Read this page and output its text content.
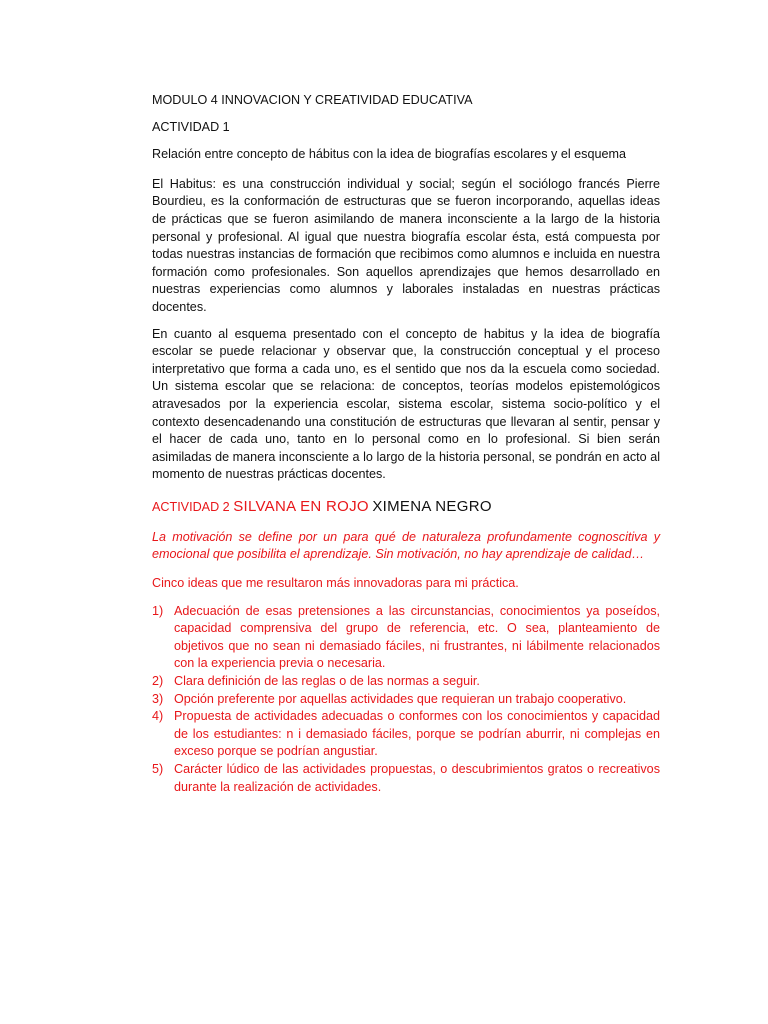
MODULO 4 INNOVACION Y CREATIVIDAD EDUCATIVA

ACTIVIDAD 1

Relación entre concepto de hábitus con la idea de biografías escolares y el esquema

El Habitus: es una construcción individual y social; según el sociólogo francés Pierre Bourdieu, es la conformación de estructuras que se fueron incorporando, aquellas ideas de prácticas que se fueron asimilando de manera inconsciente a la largo de la historia personal y profesional. Al igual que nuestra biografía escolar ésta, está compuesta por todas nuestras instancias de formación que recibimos como alumnos e incluida en nuestra formación como profesionales. Son aquellos aprendizajes que hemos desarrollado en nuestras experiencias como alumnos y laborales instaladas en nuestras prácticas docentes.

En cuanto al esquema presentado con el concepto de habitus y la idea de biografía escolar se puede relacionar y observar que, la construcción conceptual y el proceso interpretativo que forma a cada uno, es el sentido que nos da la escuela como sociedad. Un sistema escolar que se relaciona: de conceptos, teorías modelos epistemológicos atravesados por la experiencia escolar, sistema escolar, sistema socio-político y el contexto desencadenando una constitución de estructuras que llevaran al sentir, pensar y el hacer de cada uno, tanto en lo personal como en lo profesional. Si bien serán asimiladas de manera inconsciente a lo largo de la historia personal, se pondrán en acto al momento de nuestras prácticas docentes.

ACTIVIDAD 2 SILVANA EN ROJO XIMENA NEGRO

La motivación se define por un para qué de naturaleza profundamente cognoscitiva y emocional que posibilita el aprendizaje. Sin motivación, no hay aprendizaje de calidad…

Cinco ideas que me resultaron más innovadoras para mi práctica.

1) Adecuación de esas pretensiones a las circunstancias, conocimientos ya poseídos, capacidad comprensiva del grupo de referencia, etc. O sea, planteamiento de objetivos que no sean ni demasiado fáciles, ni frustrantes, ni lábilmente relacionados con la experiencia previa o necesaria.
2) Clara definición de las reglas o de las normas a seguir.
3) Opción preferente por aquellas actividades que requieran un trabajo cooperativo.
4) Propuesta de actividades adecuadas o conformes con los conocimientos y capacidad de los estudiantes: n i demasiado fáciles, porque se podrían aburrir, ni complejas en exceso porque se podrían angustiar.
5) Carácter lúdico de las actividades propuestas, o descubrimientos gratos o recreativos durante la realización de actividades.
